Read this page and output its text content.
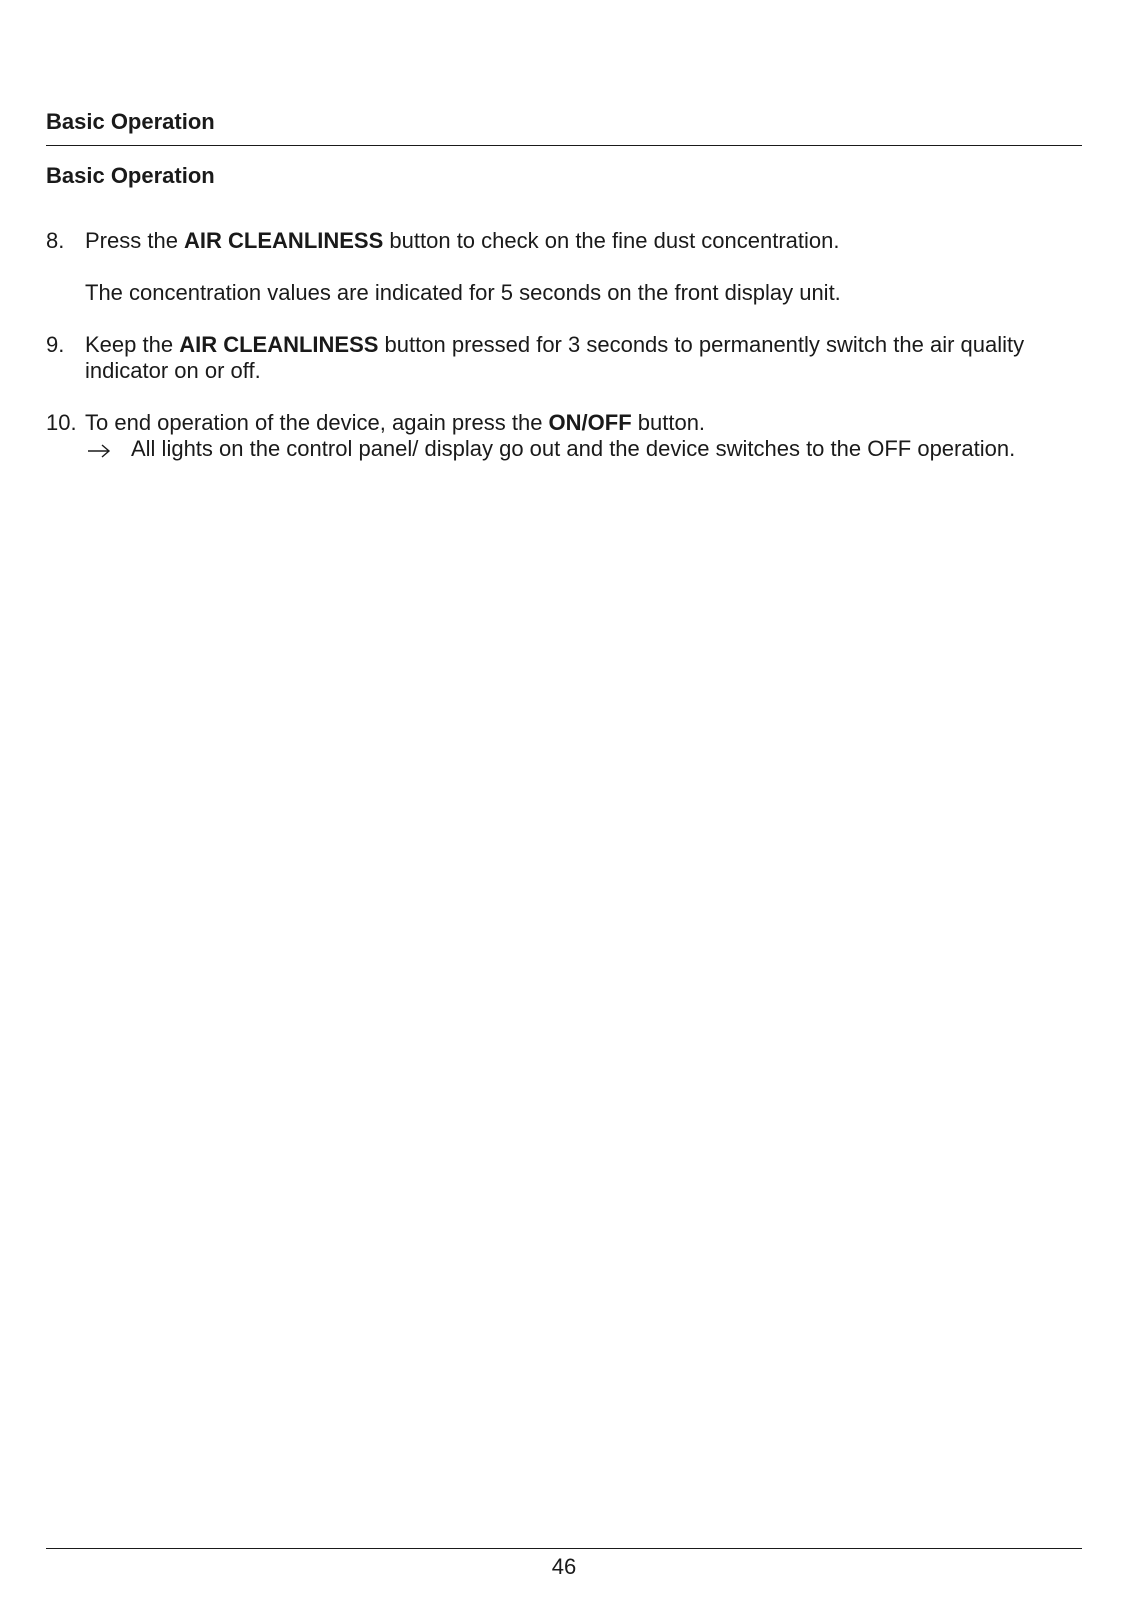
Basic Operation
Basic Operation
8. Press the AIR CLEANLINESS button to check on the fine dust concentration.
The concentration values are indicated for 5 seconds on the front display unit.
9. Keep the AIR CLEANLINESS button pressed for 3 seconds to permanently switch the air quality indicator on or off.
10. To end operation of the device, again press the ON/OFF button.
All lights on the control panel/ display go out and the device switches to the OFF operation.
46
